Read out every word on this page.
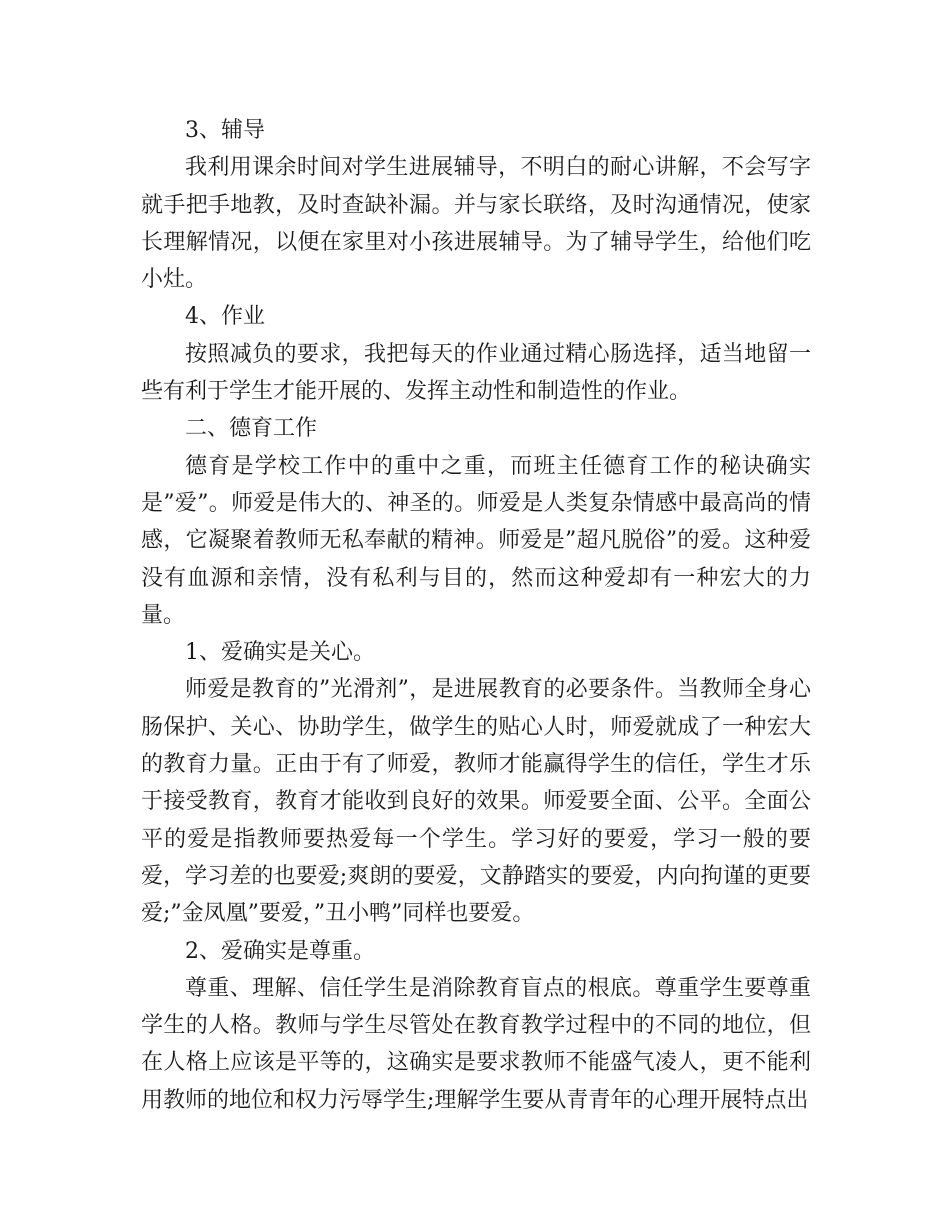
3、辅导

我利用课余时间对学生进展辅导，不明白的耐心讲解，不会写字就手把手地教，及时查缺补漏。并与家长联络，及时沟通情况，使家长理解情况，以便在家里对小孩进展辅导。为了辅导学生，给他们吃小灶。

4、作业

按照减负的要求，我把每天的作业通过精心肠选择，适当地留一些有利于学生才能开展的、发挥主动性和制造性的作业。

二、德育工作

德育是学校工作中的重中之重，而班主任德育工作的秘诀确实是”爱”。师爱是伟大的、神圣的。师爱是人类复杂情感中最高尚的情感，它凝聚着教师无私奉献的精神。师爱是”超凡脱俗”的爱。这种爱没有血源和亲情，没有私利与目的，然而这种爱却有一种宏大的力量。

1、爱确实是关心。

师爱是教育的”光滑剂”，是进展教育的必要条件。当教师全身心肠保护、关心、协助学生，做学生的贴心人时，师爱就成了一种宏大的教育力量。正由于有了师爱，教师才能赢得学生的信任，学生才乐于接受教育，教育才能收到良好的效果。师爱要全面、公平。全面公平的爱是指教师要热爱每一个学生。学习好的要爱，学习一般的要爱，学习差的也要爱;爽朗的要爱，文静踏实的要爱，内向拘谨的更要爱;”金凤凰”要爱，”丑小鸭”同样也要爱。

2、爱确实是尊重。

尊重、理解、信任学生是消除教育盲点的根底。尊重学生要尊重学生的人格。教师与学生尽管处在教育教学过程中的不同的地位，但在人格上应该是平等的，这确实是要求教师不能盛气凌人，更不能利用教师的地位和权力污辱学生;理解学生要从青青年的心理开展特点出
